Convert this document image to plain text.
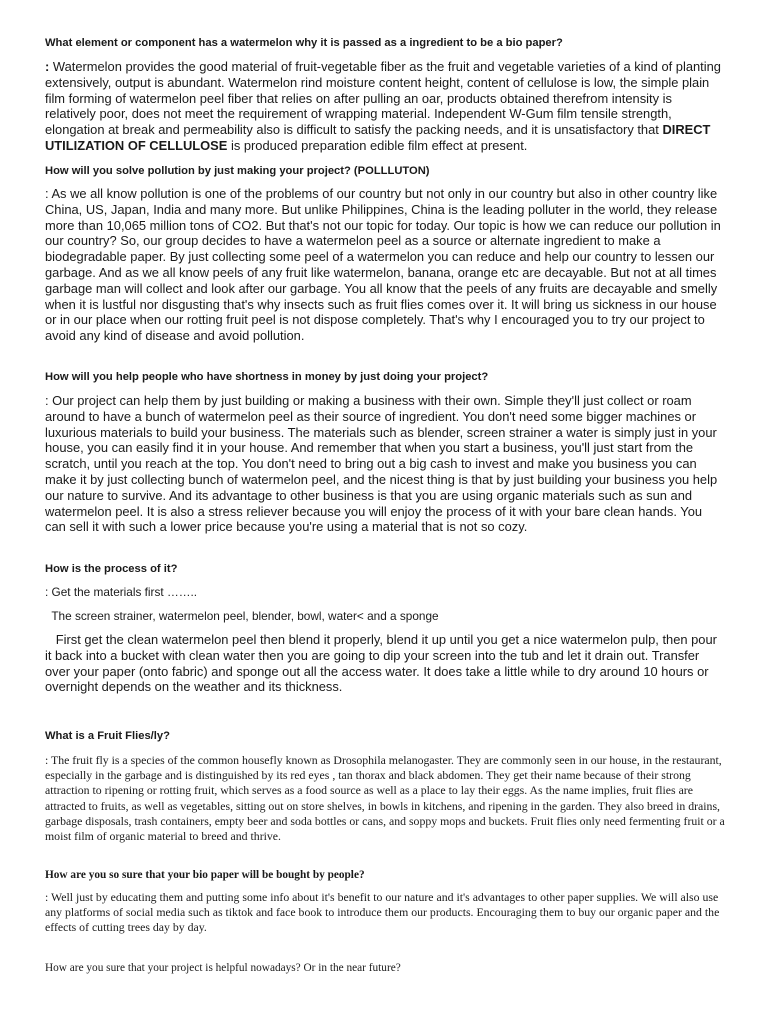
What element or component has a watermelon why it is passed as a ingredient to be a bio paper?

: Watermelon provides the good material of fruit-vegetable fiber as the fruit and vegetable varieties of a kind of planting extensively, output is abundant. Watermelon rind moisture content height, content of cellulose is low, the simple plain film forming of watermelon peel fiber that relies on after pulling an oar, products obtained therefrom intensity is relatively poor, does not meet the requirement of wrapping material. Independent W-Gum film tensile strength, elongation at break and permeability also is difficult to satisfy the packing needs, and it is unsatisfactory that DIRECT UTILIZATION OF CELLULOSE is produced preparation edible film effect at present.

How will you solve pollution by just making your project? (POLLLUTON)

: As we all know pollution is one of the problems of our country but not only in our country but also in other country like China, US, Japan, India and many more. But unlike Philippines, China is the leading polluter in the world, they release more than 10,065 million tons of CO2. But that's not our topic for today. Our topic is how we can reduce our pollution in our country? So, our group decides to have a watermelon peel as a source or alternate ingredient to make a biodegradable paper. By just collecting some peel of a watermelon you can reduce and help our country to lessen our garbage. And as we all know peels of any fruit like watermelon, banana, orange etc are decayable. But not at all times garbage man will collect and look after our garbage. You all know that the peels of any fruits are decayable and smelly when it is lustful nor disgusting that's why insects such as fruit flies comes over it. It will bring us sickness in our house or in our place when our rotting fruit peel is not dispose completely. That's why I encouraged you to try our project to avoid any kind of disease and avoid pollution.

How will you help people who have shortness in money by just doing your project?

: Our project can help them by just building or making a business with their own. Simple they'll just collect or roam around to have a bunch of watermelon peel as their source of ingredient. You don't need some bigger machines or luxurious materials to build your business. The materials such as blender, screen strainer a water is simply just in your house, you can easily find it in your house. And remember that when you start a business, you'll just start from the scratch, until you reach at the top. You don't need to bring out a big cash to invest and make you business you can make it by just collecting bunch of watermelon peel, and the nicest thing is that by just building your business you help our nature to survive. And its advantage to other business is that you are using organic materials such as sun and watermelon peel. It is also a stress reliever because you will enjoy the process of it with your bare clean hands. You can sell it with such a lower price because you're using a material that is not so cozy.

How is the process of it?

: Get the materials first ……..

The screen strainer, watermelon peel, blender, bowl, water< and a sponge

First get the clean watermelon peel then blend it properly, blend it up until you get a nice watermelon pulp, then pour it back into a bucket with clean water then you are going to dip your screen into the tub and let it drain out. Transfer over your paper (onto fabric) and sponge out all the access water. It does take a little while to dry around 10 hours or overnight depends on the weather and its thickness.

What is a Fruit Flies/ly?

: The fruit fly is a species of the common housefly known as Drosophila melanogaster. They are commonly seen in our house, in the restaurant, especially in the garbage and is distinguished by its red eyes , tan thorax and black abdomen. They get their name because of their strong attraction to ripening or rotting fruit, which serves as a food source as well as a place to lay their eggs. As the name implies, fruit flies are attracted to fruits, as well as vegetables, sitting out on store shelves, in bowls in kitchens, and ripening in the garden. They also breed in drains, garbage disposals, trash containers, empty beer and soda bottles or cans, and soppy mops and buckets. Fruit flies only need fermenting fruit or a moist film of organic material to breed and thrive.

How are you so sure that your bio paper will be bought by people?

: Well just by educating them and putting some info about it's benefit to our nature and it's advantages to other paper supplies. We will also use any platforms of social media such as tiktok and face book to introduce them our products. Encouraging them to buy our organic paper and the effects of cutting trees day by day.

How are you sure that your project is helpful nowadays? Or in the near future?
